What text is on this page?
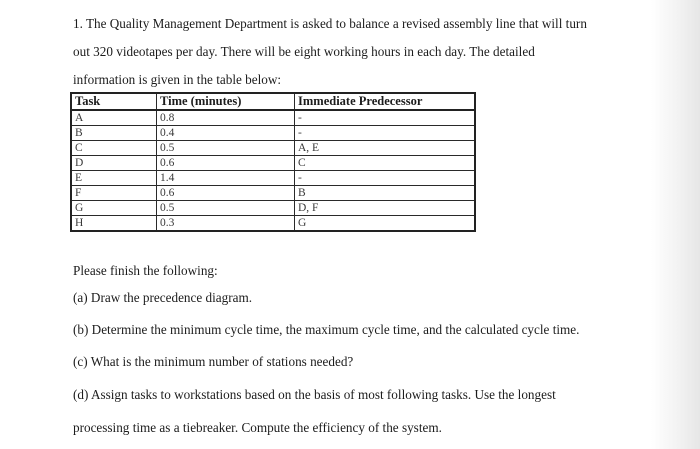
1. The Quality Management Department is asked to balance a revised assembly line that will turn
out 320 videotapes per day. There will be eight working hours in each day. The detailed
information is given in the table below:
Task	Time (minutes)	Immediate Predecessor
A	0.8	-
B	0.4	-
C	0.5	A, E
D	0.6	C
E	1.4	-
F	0.6	B
G	0.5	D, F
H	0.3	G
Please finish the following:
(a) Draw the precedence diagram.
(b) Determine the minimum cycle time, the maximum cycle time, and the calculated cycle time.
(c) What is the minimum number of stations needed?
(d) Assign tasks to workstations based on the basis of most following tasks. Use the longest
processing time as a tiebreaker. Compute the efficiency of the system.
